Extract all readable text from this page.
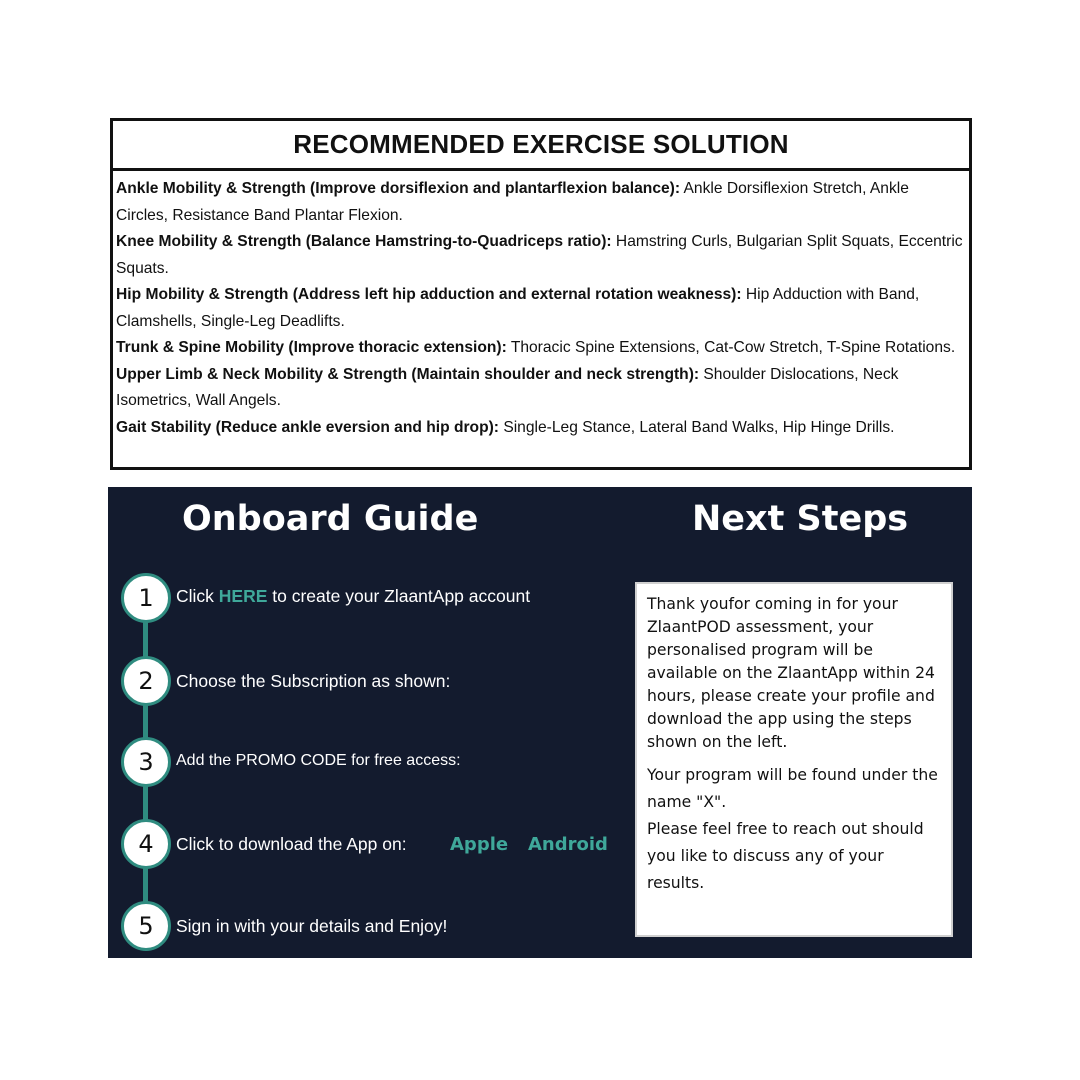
RECOMMENDED EXERCISE SOLUTION

Ankle Mobility & Strength (Improve dorsiflexion and plantarflexion balance): Ankle Dorsiflexion Stretch, Ankle Circles, Resistance Band Plantar Flexion.

Knee Mobility & Strength (Balance Hamstring-to-Quadriceps ratio): Hamstring Curls, Bulgarian Split Squats, Eccentric Squats.

Hip Mobility & Strength (Address left hip adduction and external rotation weakness): Hip Adduction with Band, Clamshells, Single-Leg Deadlifts.

Trunk & Spine Mobility (Improve thoracic extension): Thoracic Spine Extensions, Cat-Cow Stretch, T-Spine Rotations.

Upper Limb & Neck Mobility & Strength (Maintain shoulder and neck strength): Shoulder Dislocations, Neck Isometrics, Wall Angels.

Gait Stability (Reduce ankle eversion and hip drop): Single-Leg Stance, Lateral Band Walks, Hip Hinge Drills.

Onboard Guide	Next Steps
1	Click HERE to create your ZlaantApp account
2	Choose the Subscription as shown:
3	Add the PROMO CODE for free access:
4	Click to download the App on: Apple Android
5	Sign in with your details and Enjoy!

Thank youfor coming in for your ZlaantPOD assessment, your personalised program will be available on the ZlaantApp within 24 hours, please create your profile and download the app using the steps shown on the left.

Your program will be found under the name "X".

Please feel free to reach out should you like to discuss any of your results.
